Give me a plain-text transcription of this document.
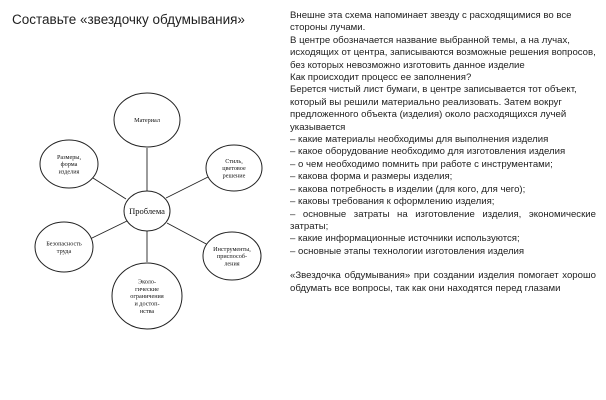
Составьте «звездочку обдумывания»
Проблема
Материал
Стиль,
цветовое
решение
Инструменты,
приспособ-
ления
Эколо-
гические
ограничения
и достоп-
нства
Безопасность
труда
Размеры,
форма
изделия

Внешне эта схема напоминает звезду с расходящимися во все стороны лучами.

В центре обозначается название выбранной темы, а на лучах, исходящих от центра, записываются возможные решения вопросов, без которых невозможно изготовить данное изделие

Как происходит процесс ее заполнения?

Берется чистый лист бумаги, в центре записывается тот объект, который вы решили материально реализовать. Затем вокруг предложенного объекта (изделия) около расходящихся лучей указывается

– какие материалы необходимы для выполнения изделия

– какое оборудование необходимо для изготовления изделия

– о чем необходимо помнить при работе с инструментами;

– какова форма и размеры изделия;

– какова потребность в изделии (для кого, для чего);

– каковы требования к оформлению изделия;

– основные затраты на изготовление изделия, экономические затраты;

– какие информационные источники используются;

– основные этапы технологии изготовления изделия

«Звездочка обдумывания» при создании изделия помогает хорошо обдумать все вопросы, так как они находятся перед глазами
